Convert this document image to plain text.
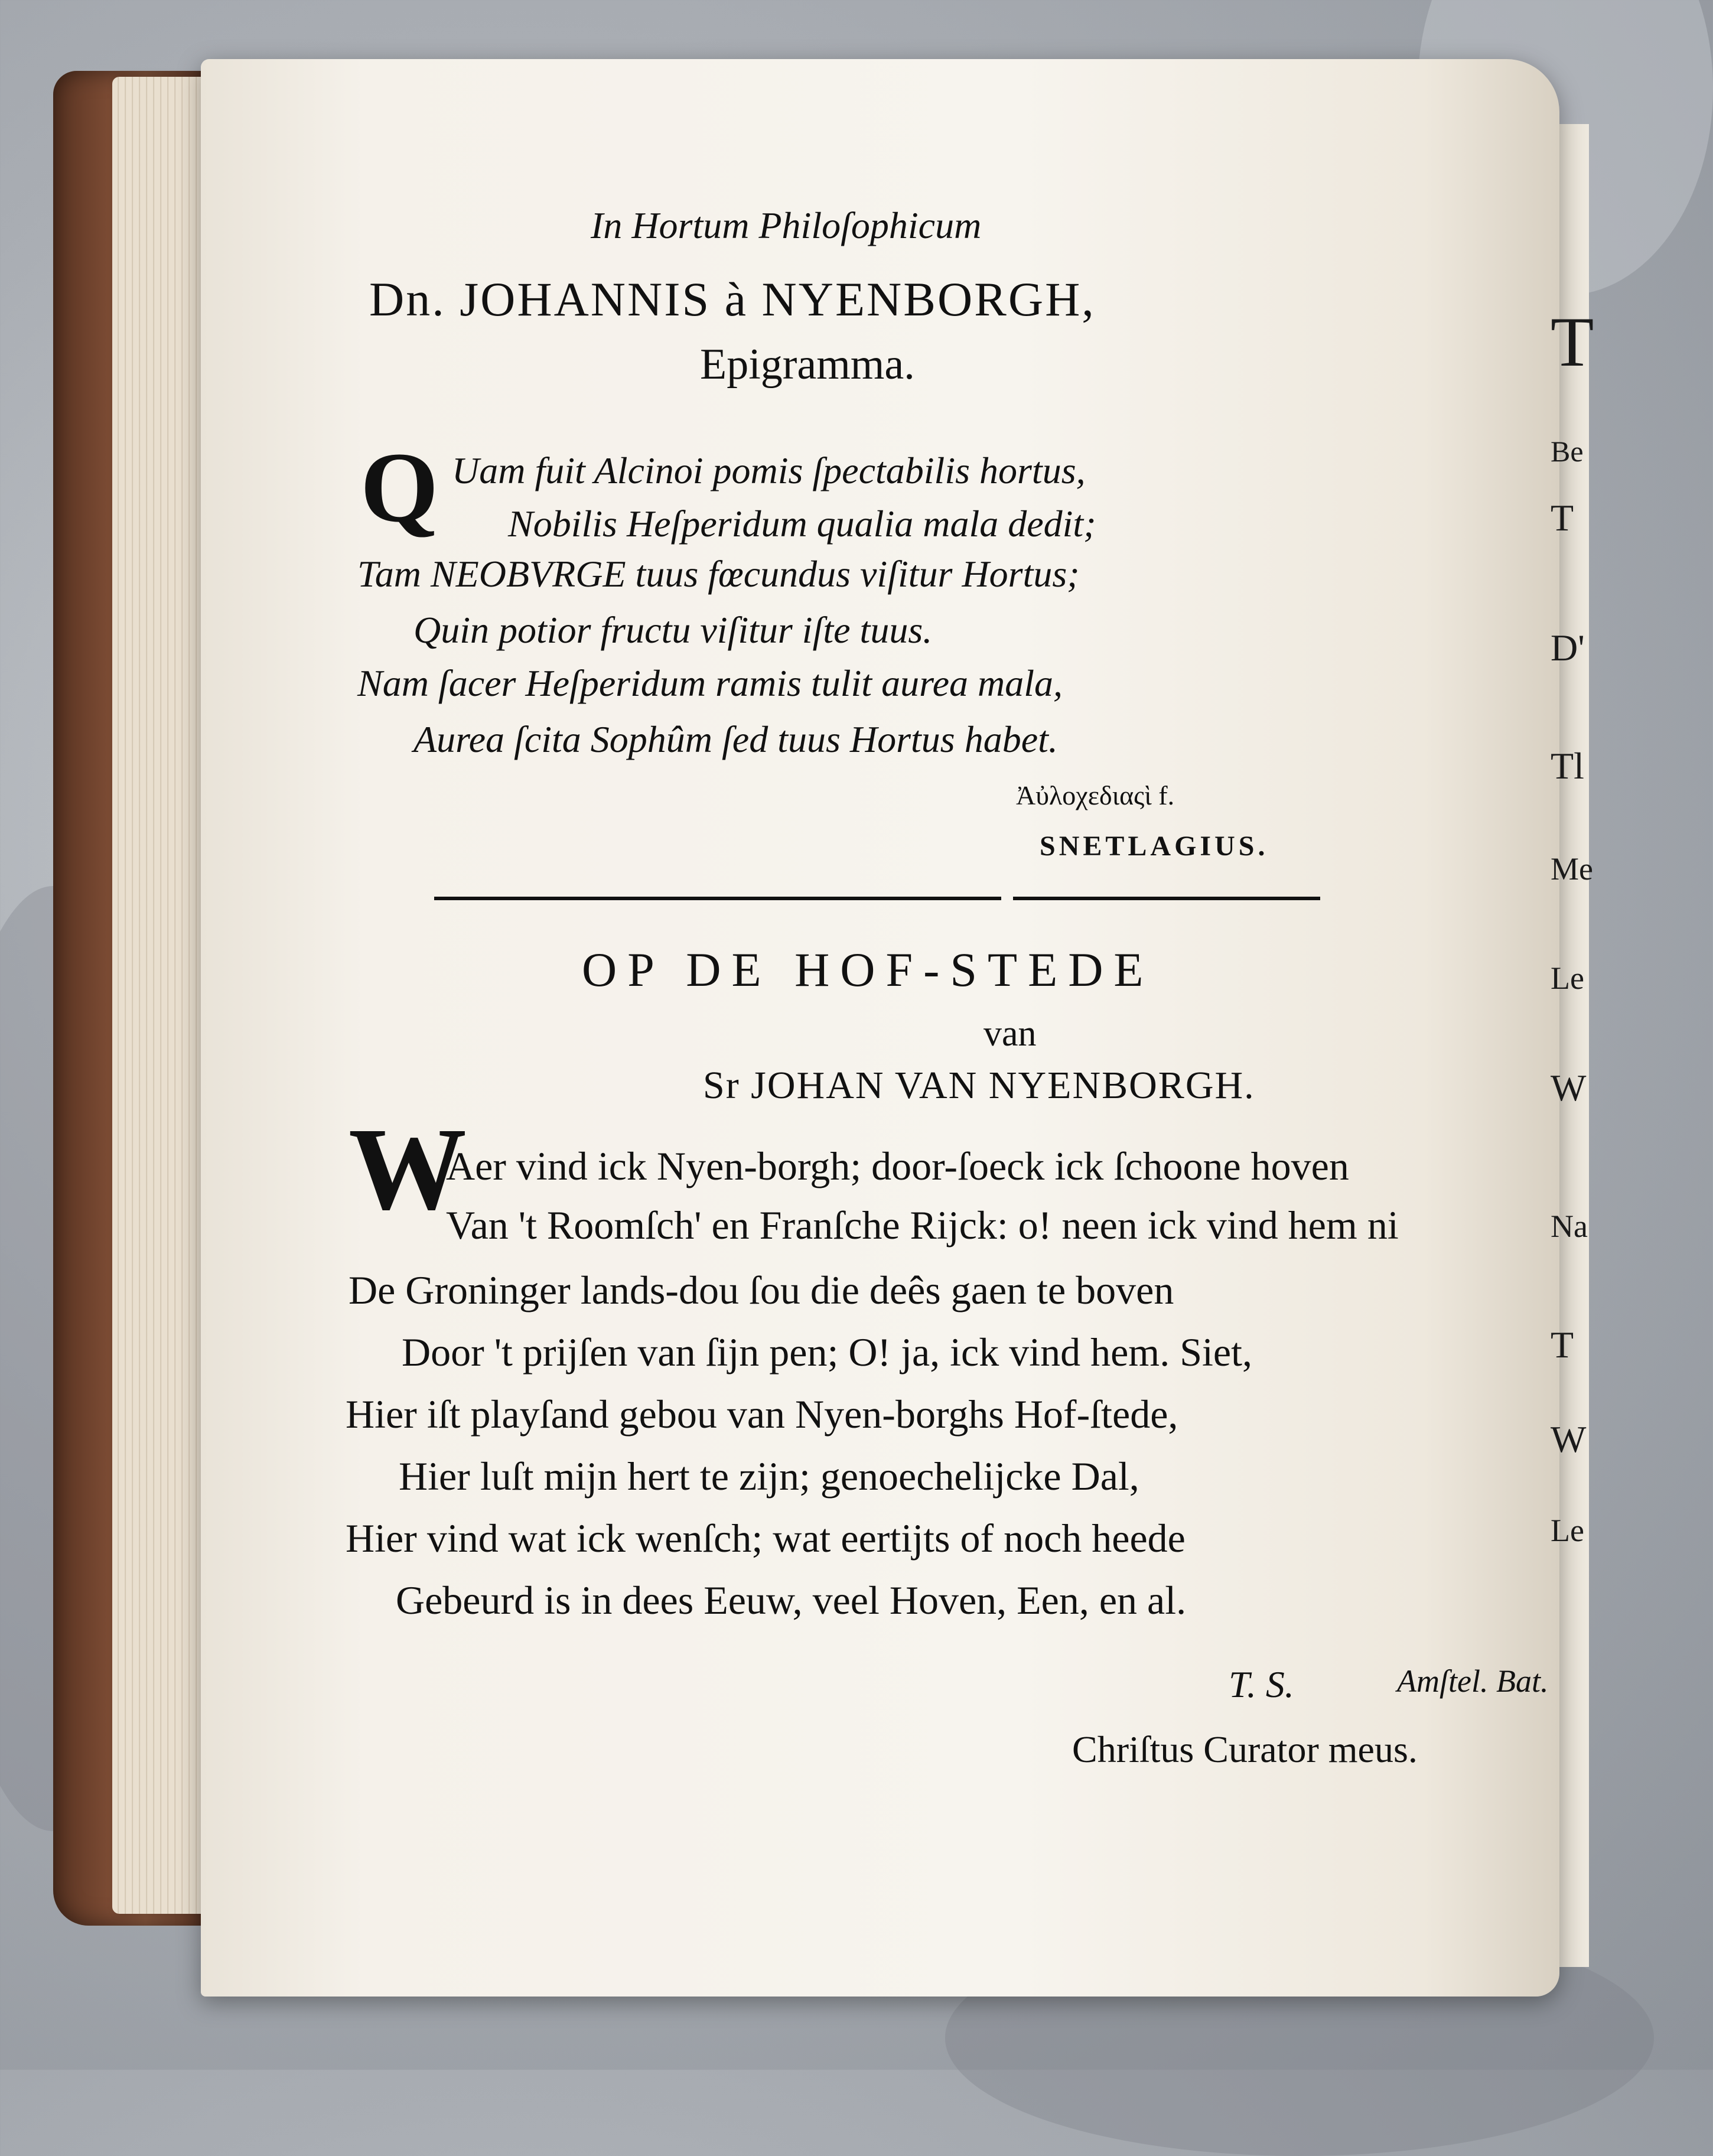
In Hortum Philoſophicum
Dn. JOHANNIS à NYENBORGH,
Epigramma.
Q Uam fuit Alcinoi pomis ſpectabilis hortus,
Nobilis Heſperidum qualia mala dedit;
Tam NEOBVRGE tuus fœcundus viſitur Hortus;
Quin potior fructu viſitur iſte tuus.
Nam ſacer Heſperidum ramis tulit aurea mala,
Aurea ſcita Sophûm ſed tuus Hortus habet.
Ἀὐλοχεδιαςὶ f.
SNETLAGIUS.
OP DE HOF-STEDE
van
Sr JOHAN VAN NYENBORGH.
W
Aer vind ick Nyen-borgh; door-ſoeck ick ſchoone hoven
Van 't Roomſch' en Franſche Rijck: o! neen ick vind hem ni
De Groninger lands-dou ſou die deês gaen te boven
Door 't prijſen van ſijn pen; O! ja, ick vind hem. Siet,
Hier iſt playſand gebou van Nyen-borghs Hof-ſtede,
Hier luſt mijn hert te zijn; genoechelijcke Dal,
Hier vind wat ick wenſch; wat eertijts of noch heede
Gebeurd is in dees Eeuw, veel Hoven, Een, en al.
T. S.	Amſtel. Bat.
Chriſtus Curator meus.
T
Be
T
D'
Tl
Me
Le
W
Na
T
W
Le
